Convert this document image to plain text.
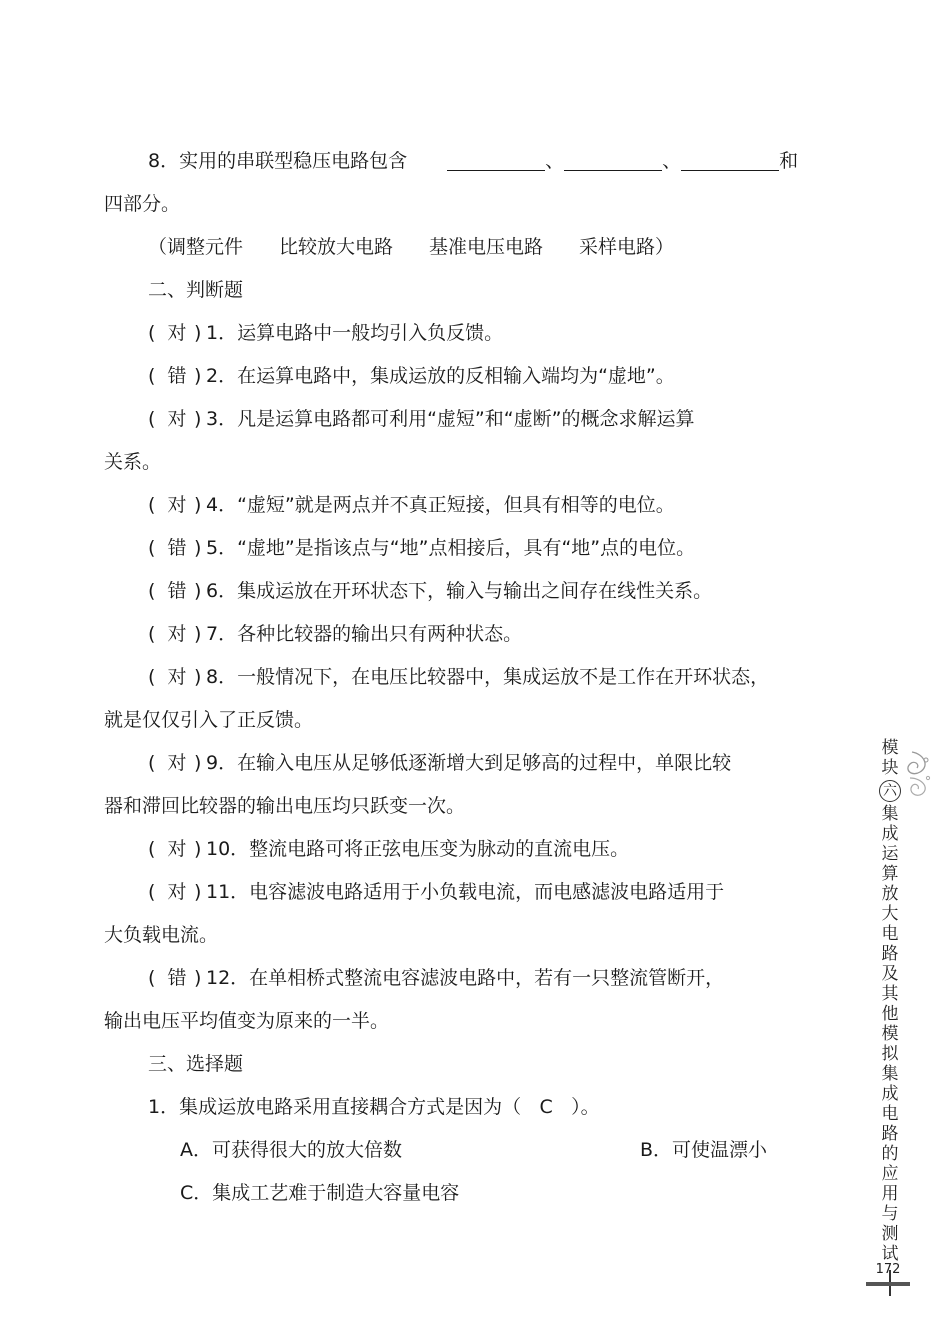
8．实用的串联型稳压电路包含	、	、	和

四部分。

（调整元件 比较放大电路 基准电压电路 采样电路）

二、判断题

( 对 ) 1．运算电路中一般均引入负反馈。

( 错 ) 2．在运算电路中，集成运放的反相输入端均为“虚地”。

( 对 ) 3．凡是运算电路都可利用“虚短”和“虚断”的概念求解运算

关系。

( 对 ) 4．“虚短”就是两点并不真正短接，但具有相等的电位。

( 错 ) 5．“虚地”是指该点与“地”点相接后，具有“地”点的电位。

( 错 ) 6．集成运放在开环状态下，输入与输出之间存在线性关系。

( 对 ) 7．各种比较器的输出只有两种状态。

( 对 ) 8．一般情况下，在电压比较器中，集成运放不是工作在开环状态，

就是仅仅引入了正反馈。

( 对 ) 9．在输入电压从足够低逐渐增大到足够高的过程中，单限比较

器和滞回比较器的输出电压均只跃变一次。

( 对 ) 10．整流电路可将正弦电压变为脉动的直流电压。

( 对 ) 11．电容滤波电路适用于小负载电流，而电感滤波电路适用于

大负载电流。

( 错 ) 12．在单相桥式整流电容滤波电路中，若有一只整流管断开，

输出电压平均值变为原来的一半。

三、选择题

1．集成运放电路采用直接耦合方式是因为（ C ）。

A．可获得很大的放大倍数	B．可使温漂小

C．集成工艺难于制造大容量电容

模
块
六
集
成
运
算
放
大
电
路
及
其
他
模
拟
集
成
电
路
的
应
用
与
测
试
172
